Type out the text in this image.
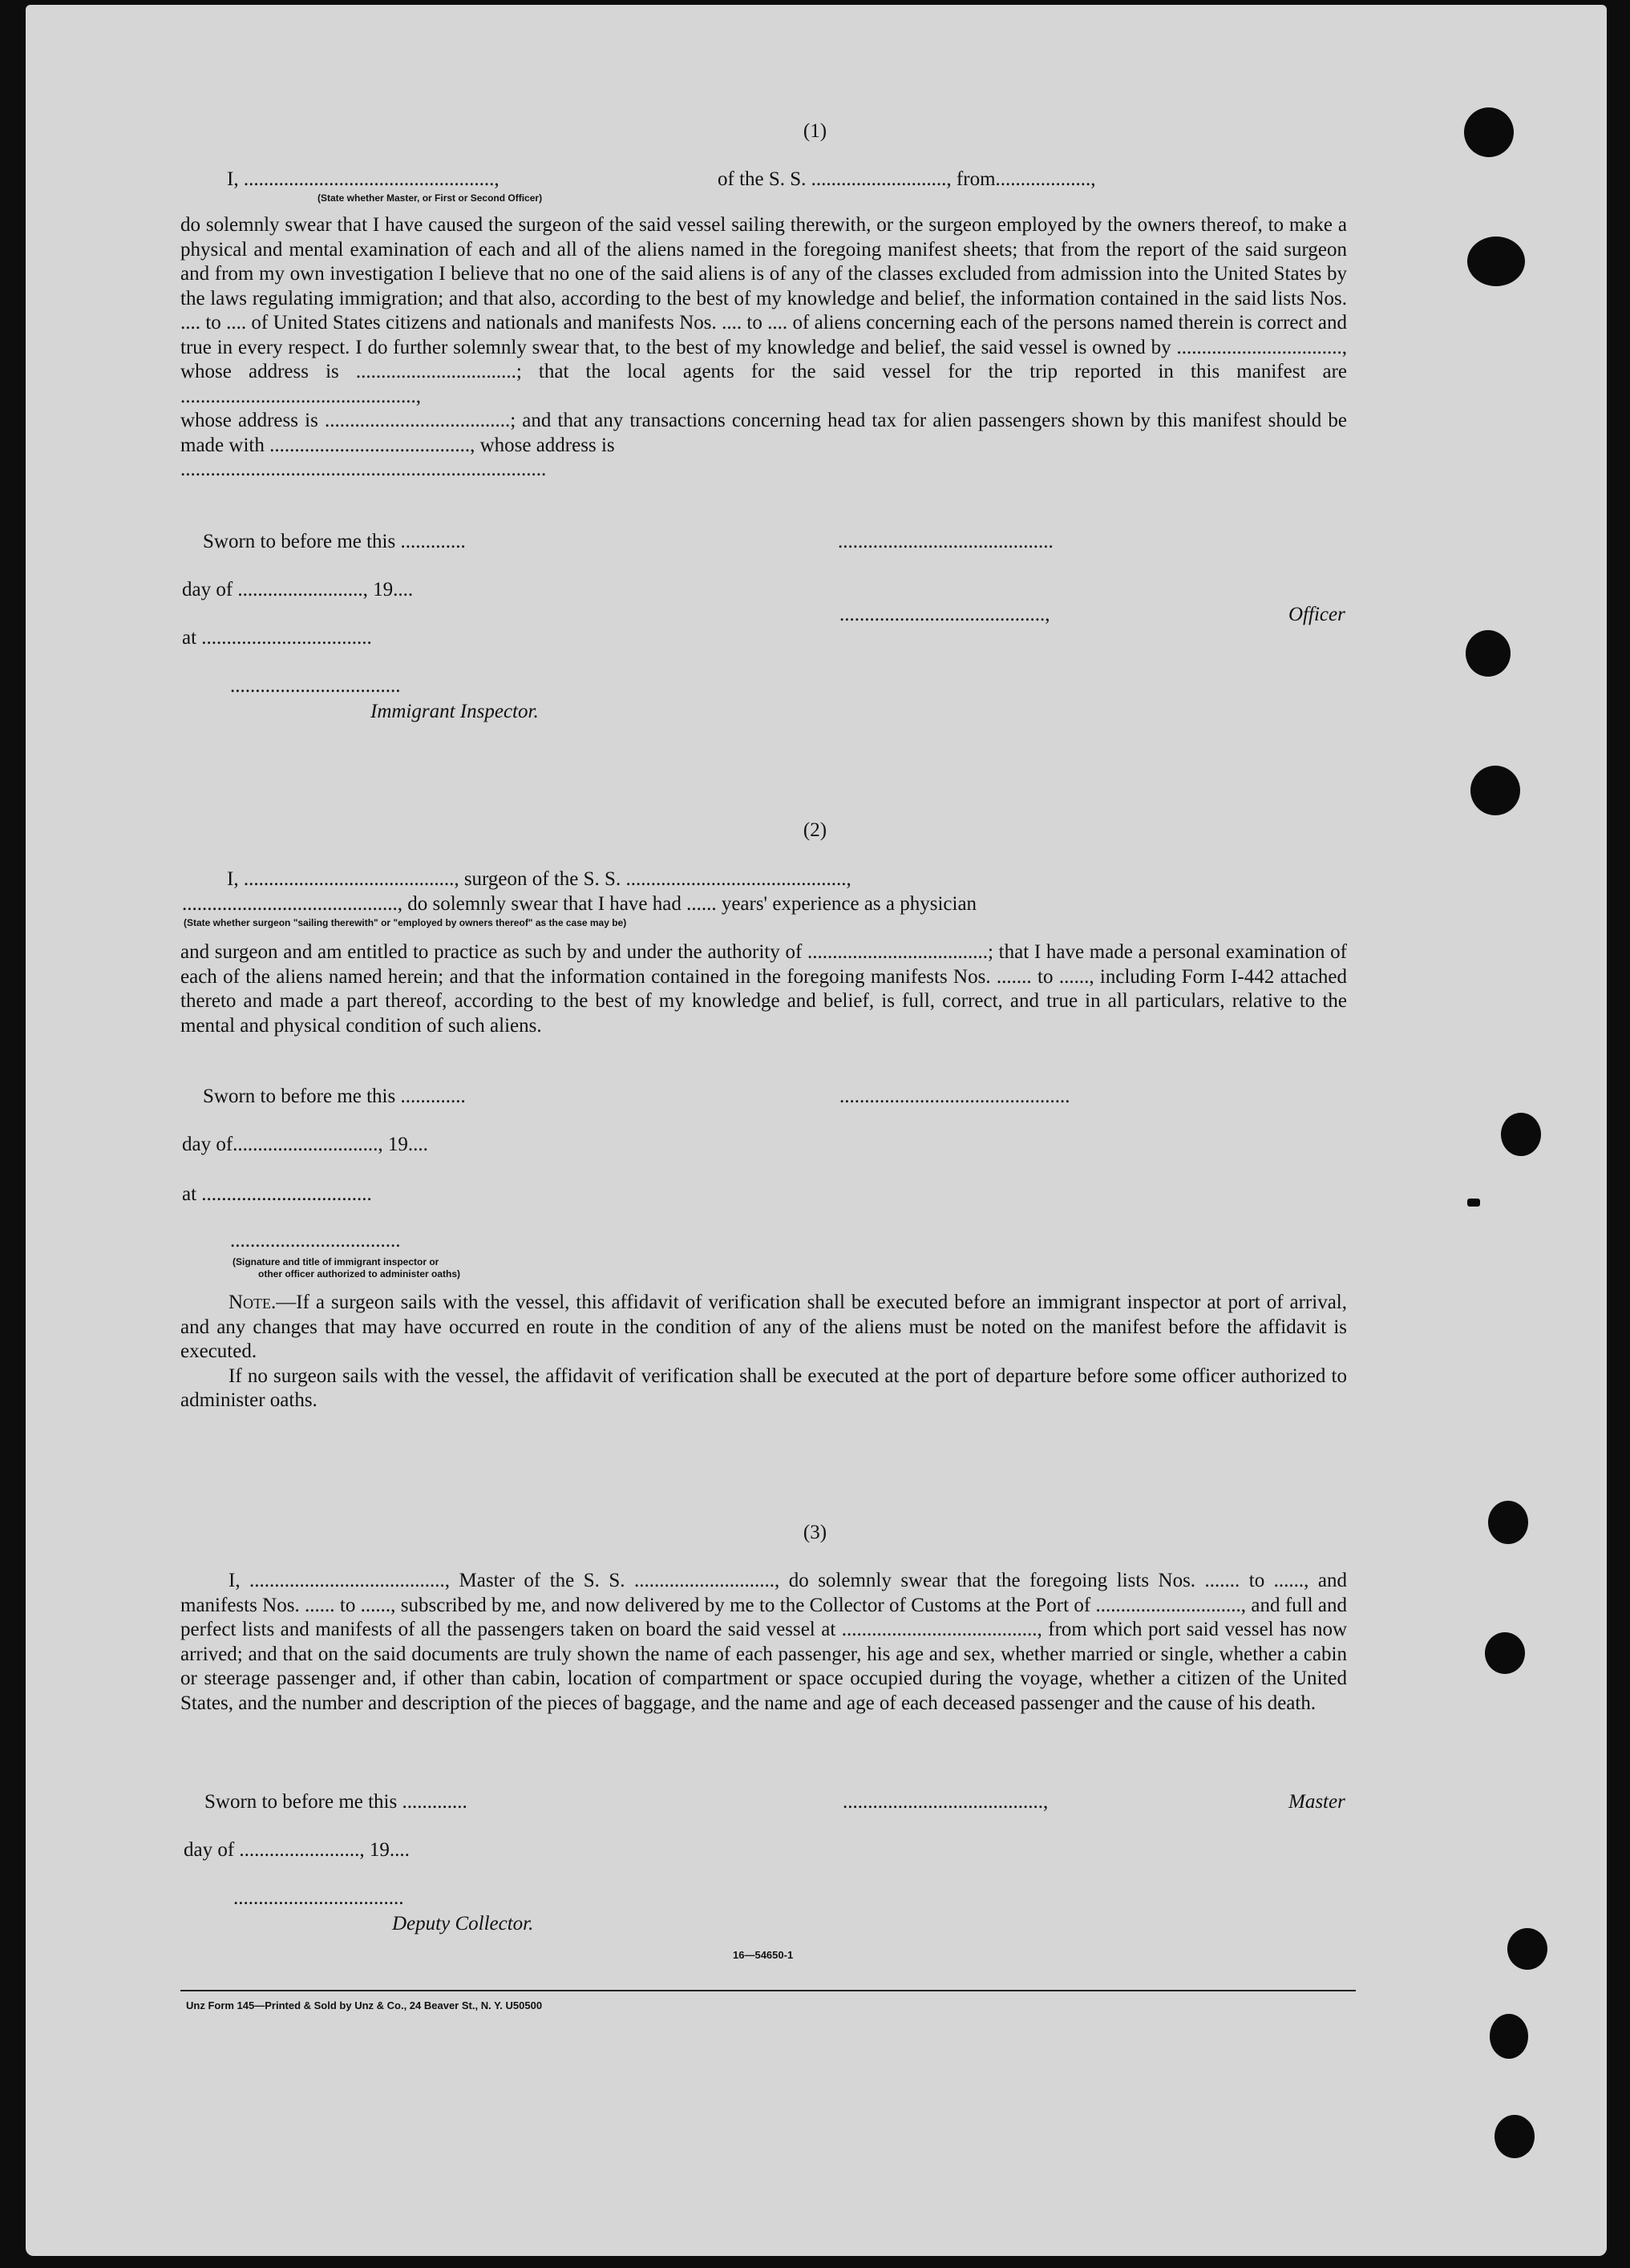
(1)
I, ..................................................,	of the S. S. ..........................., from...................,
(State whether Master, or First or Second Officer)

do solemnly swear that I have caused the surgeon of the said vessel sailing therewith, or the surgeon employed by the owners thereof, to make a physical and mental examination of each and all of the aliens named in the foregoing manifest sheets; that from the report of the said surgeon and from my own investigation I believe that no one of the said aliens is of any of the classes excluded from admission into the United States by the laws regulating immigration; and that also, according to the best of my knowledge and belief, the information contained in the said lists Nos. .... to .... of United States citizens and nationals and manifests Nos. .... to .... of aliens concerning each of the persons named therein is correct and true in every respect. I do further solemnly swear that, to the best of my knowledge and belief, the said vessel is owned by ................................., whose address is ................................; that the local agents for the said vessel for the trip reported in this manifest are ...............................................,

whose address is .....................................; and that any transactions concerning head tax for alien passengers shown by this manifest should be made with ........................................, whose address is

.........................................................................

Sworn to before me this .............	...........................................
day of ........................., 19....
.........................................,	Officer
at ..................................
..................................
Immigrant Inspector.
(2)
I, .........................................., surgeon of the S. S. ............................................,
..........................................., do solemnly swear that I have had ...... years' experience as a physician
(State whether surgeon "sailing therewith" or "employed by owners thereof" as the case may be)

and surgeon and am entitled to practice as such by and under the authority of ....................................; that I have made a personal examination of each of the aliens named herein; and that the information contained in the foregoing manifests Nos. ....... to ......, including Form I-442 attached thereto and made a part thereof, according to the best of my knowledge and belief, is full, correct, and true in all particulars, relative to the mental and physical condition of such aliens.

Sworn to before me this .............	..............................................
day of............................., 19....
at ..................................
..................................
(Signature and title of immigrant inspector or
other officer authorized to administer oaths)

Note.—If a surgeon sails with the vessel, this affidavit of verification shall be executed before an immigrant inspector at port of arrival, and any changes that may have occurred en route in the condition of any of the aliens must be noted on the manifest before the affidavit is executed.

If no surgeon sails with the vessel, the affidavit of verification shall be executed at the port of departure before some officer authorized to administer oaths.

(3)

I, ......................................., Master of the S. S. ............................, do solemnly swear that the foregoing lists Nos. ....... to ......, and manifests Nos. ...... to ......, subscribed by me, and now delivered by me to the Collector of Customs at the Port of ............................., and full and perfect lists and manifests of all the passengers taken on board the said vessel at ......................................., from which port said vessel has now arrived; and that on the said documents are truly shown the name of each passenger, his age and sex, whether married or single, whether a cabin or steerage passenger and, if other than cabin, location of compartment or space occupied during the voyage, whether a citizen of the United States, and the number and description of the pieces of baggage, and the name and age of each deceased passenger and the cause of his death.

Sworn to before me this .............	........................................,	Master
day of ........................, 19....
..................................
Deputy Collector.
16—54650-1
Unz Form 145—Printed & Sold by Unz & Co., 24 Beaver St., N. Y. U50500
